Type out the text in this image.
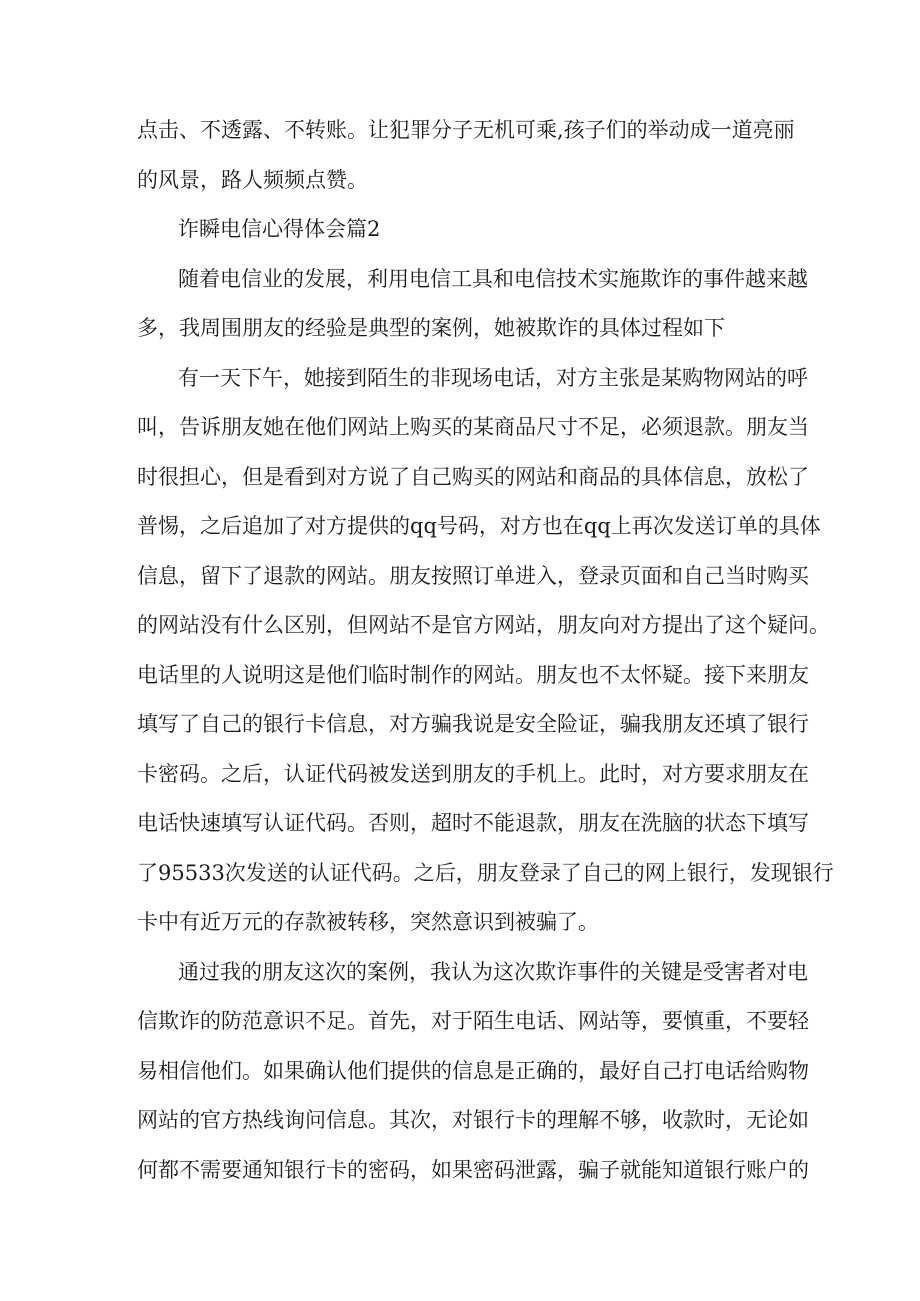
点击、不透露、不转账。让犯罪分子无机可乘,孩子们的举动成一道亮丽
的风景，路人频频点赞。
诈瞬电信心得体会篇2
随着电信业的发展，利用电信工具和电信技术实施欺诈的事件越来越
多，我周围朋友的经验是典型的案例，她被欺诈的具体过程如下
有一天下午，她接到陌生的非现场电话，对方主张是某购物网站的呼
叫，告诉朋友她在他们网站上购买的某商品尺寸不足，必须退款。朋友当
时很担心，但是看到对方说了自己购买的网站和商品的具体信息，放松了
普惕，之后追加了对方提供的qq号码，对方也在qq上再次发送订单的具体
信息，留下了退款的网站。朋友按照订单进入，登录页面和自己当时购买
的网站没有什么区别，但网站不是官方网站，朋友向对方提出了这个疑问。
电话里的人说明这是他们临时制作的网站。朋友也不太怀疑。接下来朋友
填写了自己的银行卡信息，对方骗我说是安全险证，骗我朋友还填了银行
卡密码。之后，认证代码被发送到朋友的手机上。此时，对方要求朋友在
电话快速填写认证代码。否则，超时不能退款，朋友在洗脑的状态下填写
了95533次发送的认证代码。之后，朋友登录了自己的网上银行，发现银行
卡中有近万元的存款被转移，突然意识到被骗了。
通过我的朋友这次的案例，我认为这次欺诈事件的关键是受害者对电
信欺诈的防范意识不足。首先，对于陌生电话、网站等，要慎重，不要轻
易相信他们。如果确认他们提供的信息是正确的，最好自己打电话给购物
网站的官方热线询问信息。其次，对银行卡的理解不够，收款时，无论如
何都不需要通知银行卡的密码，如果密码泄露，骗子就能知道银行账户的
